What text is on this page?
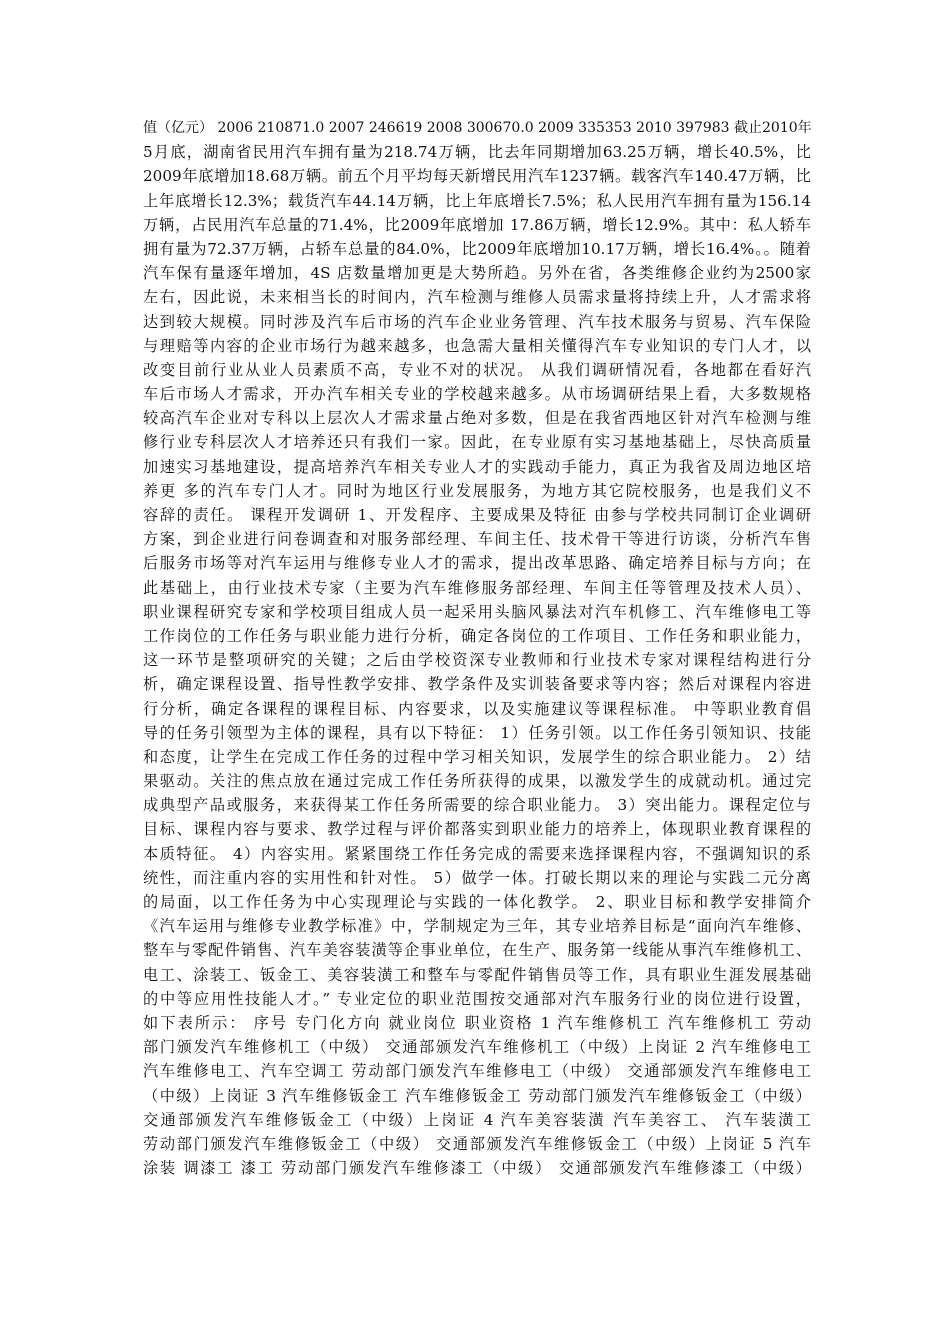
值（亿元） 2006 210871.0 2007 246619 2008 300670.0 2009 335353 2010 397983 截止2010年
5月底，湖南省民用汽车拥有量为218.74万辆，比去年同期增加63.25万辆，增长40.5%，比
2009年底增加18.68万辆。前五个月平均每天新增民用汽车1237辆。载客汽车140.47万辆，比
上年底增长12.3%；载货汽车44.14万辆，比上年底增长7.5%；私人民用汽车拥有量为156.14
万辆，占民用汽车总量的71.4%，比2009年底增加 17.86万辆，增长12.9%。其中：私人轿车
拥有量为72.37万辆，占轿车总量的84.0%，比2009年底增加10.17万辆，增长16.4%。。随着
汽车保有量逐年增加，4S 店数量增加更是大势所趋。另外在省，各类维修企业约为2500家
左右，因此说，未来相当长的时间内，汽车检测与维修人员需求量将持续上升，人才需求将
达到较大规模。同时涉及汽车后市场的汽车企业业务管理、汽车技术服务与贸易、汽车保险
与理赔等内容的企业市场行为越来越多，也急需大量相关懂得汽车专业知识的专门人才，以
改变目前行业从业人员素质不高，专业不对的状况。 从我们调研情况看，各地都在看好汽
车后市场人才需求，开办汽车相关专业的学校越来越多。从市场调研结果上看，大多数规格
较高汽车企业对专科以上层次人才需求量占绝对多数，但是在我省西地区针对汽车检测与维
修行业专科层次人才培养还只有我们一家。因此，在专业原有实习基地基础上，尽快高质量
加速实习基地建设，提高培养汽车相关专业人才的实践动手能力，真正为我省及周边地区培
养更 多的汽车专门人才。同时为地区行业发展服务，为地方其它院校服务，也是我们义不
容辞的责任。 课程开发调研 1、开发程序、主要成果及特征 由参与学校共同制订企业调研
方案，到企业进行问卷调查和对服务部经理、车间主任、技术骨干等进行访谈，分析汽车售
后服务市场等对汽车运用与维修专业人才的需求，提出改革思路、确定培养目标与方向；在
此基础上，由行业技术专家（主要为汽车维修服务部经理、车间主任等管理及技术人员）、
职业课程研究专家和学校项目组成人员一起采用头脑风暴法对汽车机修工、汽车维修电工等
工作岗位的工作任务与职业能力进行分析，确定各岗位的工作项目、工作任务和职业能力，
这一环节是整项研究的关键；之后由学校资深专业教师和行业技术专家对课程结构进行分
析，确定课程设置、指导性教学安排、教学条件及实训装备要求等内容；然后对课程内容进
行分析，确定各课程的课程目标、内容要求，以及实施建议等课程标准。 中等职业教育倡
导的任务引领型为主体的课程，具有以下特征： 1）任务引领。以工作任务引领知识、技能
和态度，让学生在完成工作任务的过程中学习相关知识，发展学生的综合职业能力。 2）结
果驱动。关注的焦点放在通过完成工作任务所获得的成果，以激发学生的成就动机。通过完
成典型产品或服务，来获得某工作任务所需要的综合职业能力。 3）突出能力。课程定位与
目标、课程内容与要求、教学过程与评价都落实到职业能力的培养上，体现职业教育课程的
本质特征。 4）内容实用。紧紧围绕工作任务完成的需要来选择课程内容，不强调知识的系
统性，而注重内容的实用性和针对性。 5）做学一体。打破长期以来的理论与实践二元分离
的局面，以工作任务为中心实现理论与实践的一体化教学。 2、职业目标和教学安排简介
《汽车运用与维修专业教学标准》中，学制规定为三年，其专业培养目标是“面向汽车维修、
整车与零配件销售、汽车美容装潢等企事业单位，在生产、服务第一线能从事汽车维修机工、
电工、涂装工、钣金工、美容装潢工和整车与零配件销售员等工作，具有职业生涯发展基础
的中等应用性技能人才。” 专业定位的职业范围按交通部对汽车服务行业的岗位进行设置，
如下表所示： 序号 专门化方向 就业岗位 职业资格 1 汽车维修机工 汽车维修机工 劳动
部门颁发汽车维修机工（中级） 交通部颁发汽车维修机工（中级）上岗证 2 汽车维修电工
汽车维修电工、汽车空调工 劳动部门颁发汽车维修电工（中级） 交通部颁发汽车维修电工
（中级）上岗证 3 汽车维修钣金工 汽车维修钣金工 劳动部门颁发汽车维修钣金工（中级）
交通部颁发汽车维修钣金工（中级）上岗证 4 汽车美容装潢 汽车美容工、 汽车装潢工
劳动部门颁发汽车维修钣金工（中级） 交通部颁发汽车维修钣金工（中级）上岗证 5 汽车
涂装 调漆工 漆工 劳动部门颁发汽车维修漆工（中级） 交通部颁发汽车维修漆工（中级）
